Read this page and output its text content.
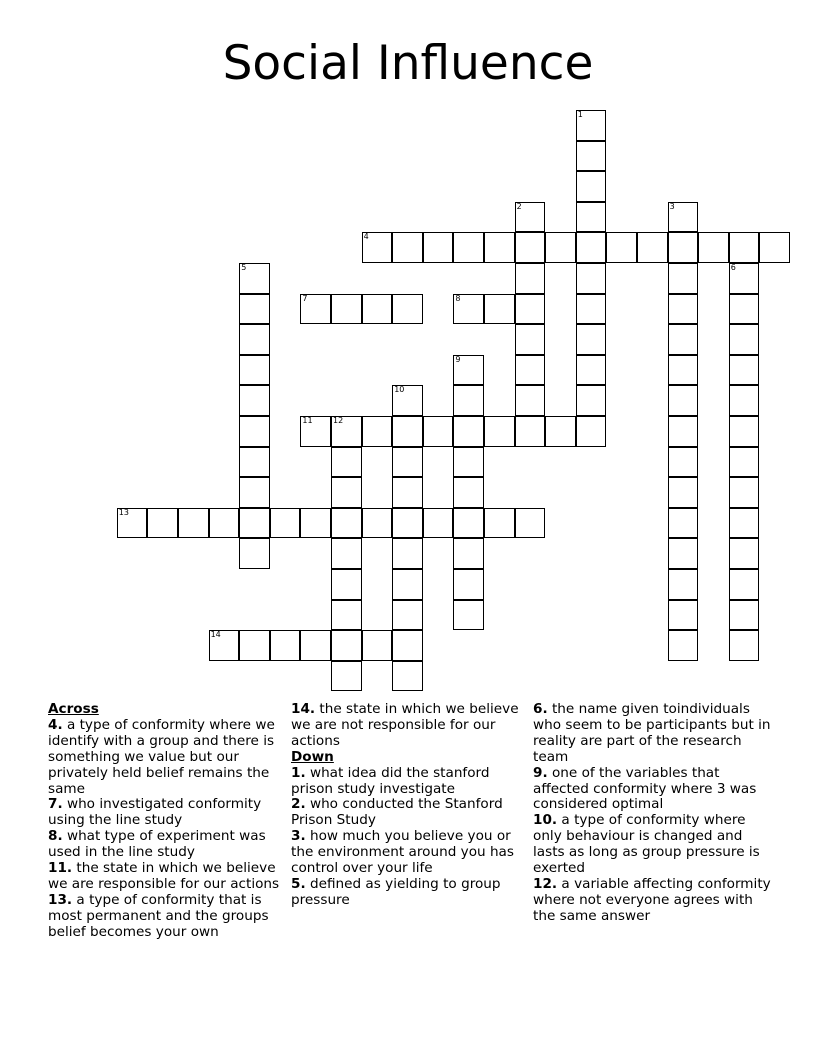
Social Influence
1
2	3
4
5	6
7	8
9
10
11	12
13
14
Across
4. a type of conformity where we identify with a group and there is something we value but our privately held belief remains the same
7. who investigated conformity using the line study
8. what type of experiment was used in the line study
11. the state in which we believe we are responsible for our actions
13. a type of conformity that is most permanent and the groups belief becomes your own
14. the state in which we believe we are not responsible for our actions
Down
1. what idea did the stanford prison study investigate
2. who conducted the Stanford Prison Study
3. how much you believe you or the environment around you has control over your life
5. defined as yielding to group pressure
6. the name given toindividuals who seem to be participants but in reality are part of the research team
9. one of the variables that affected conformity where 3 was considered optimal
10. a type of conformity where only behaviour is changed and lasts as long as group pressure is exerted
12. a variable affecting conformity where not everyone agrees with the same answer
